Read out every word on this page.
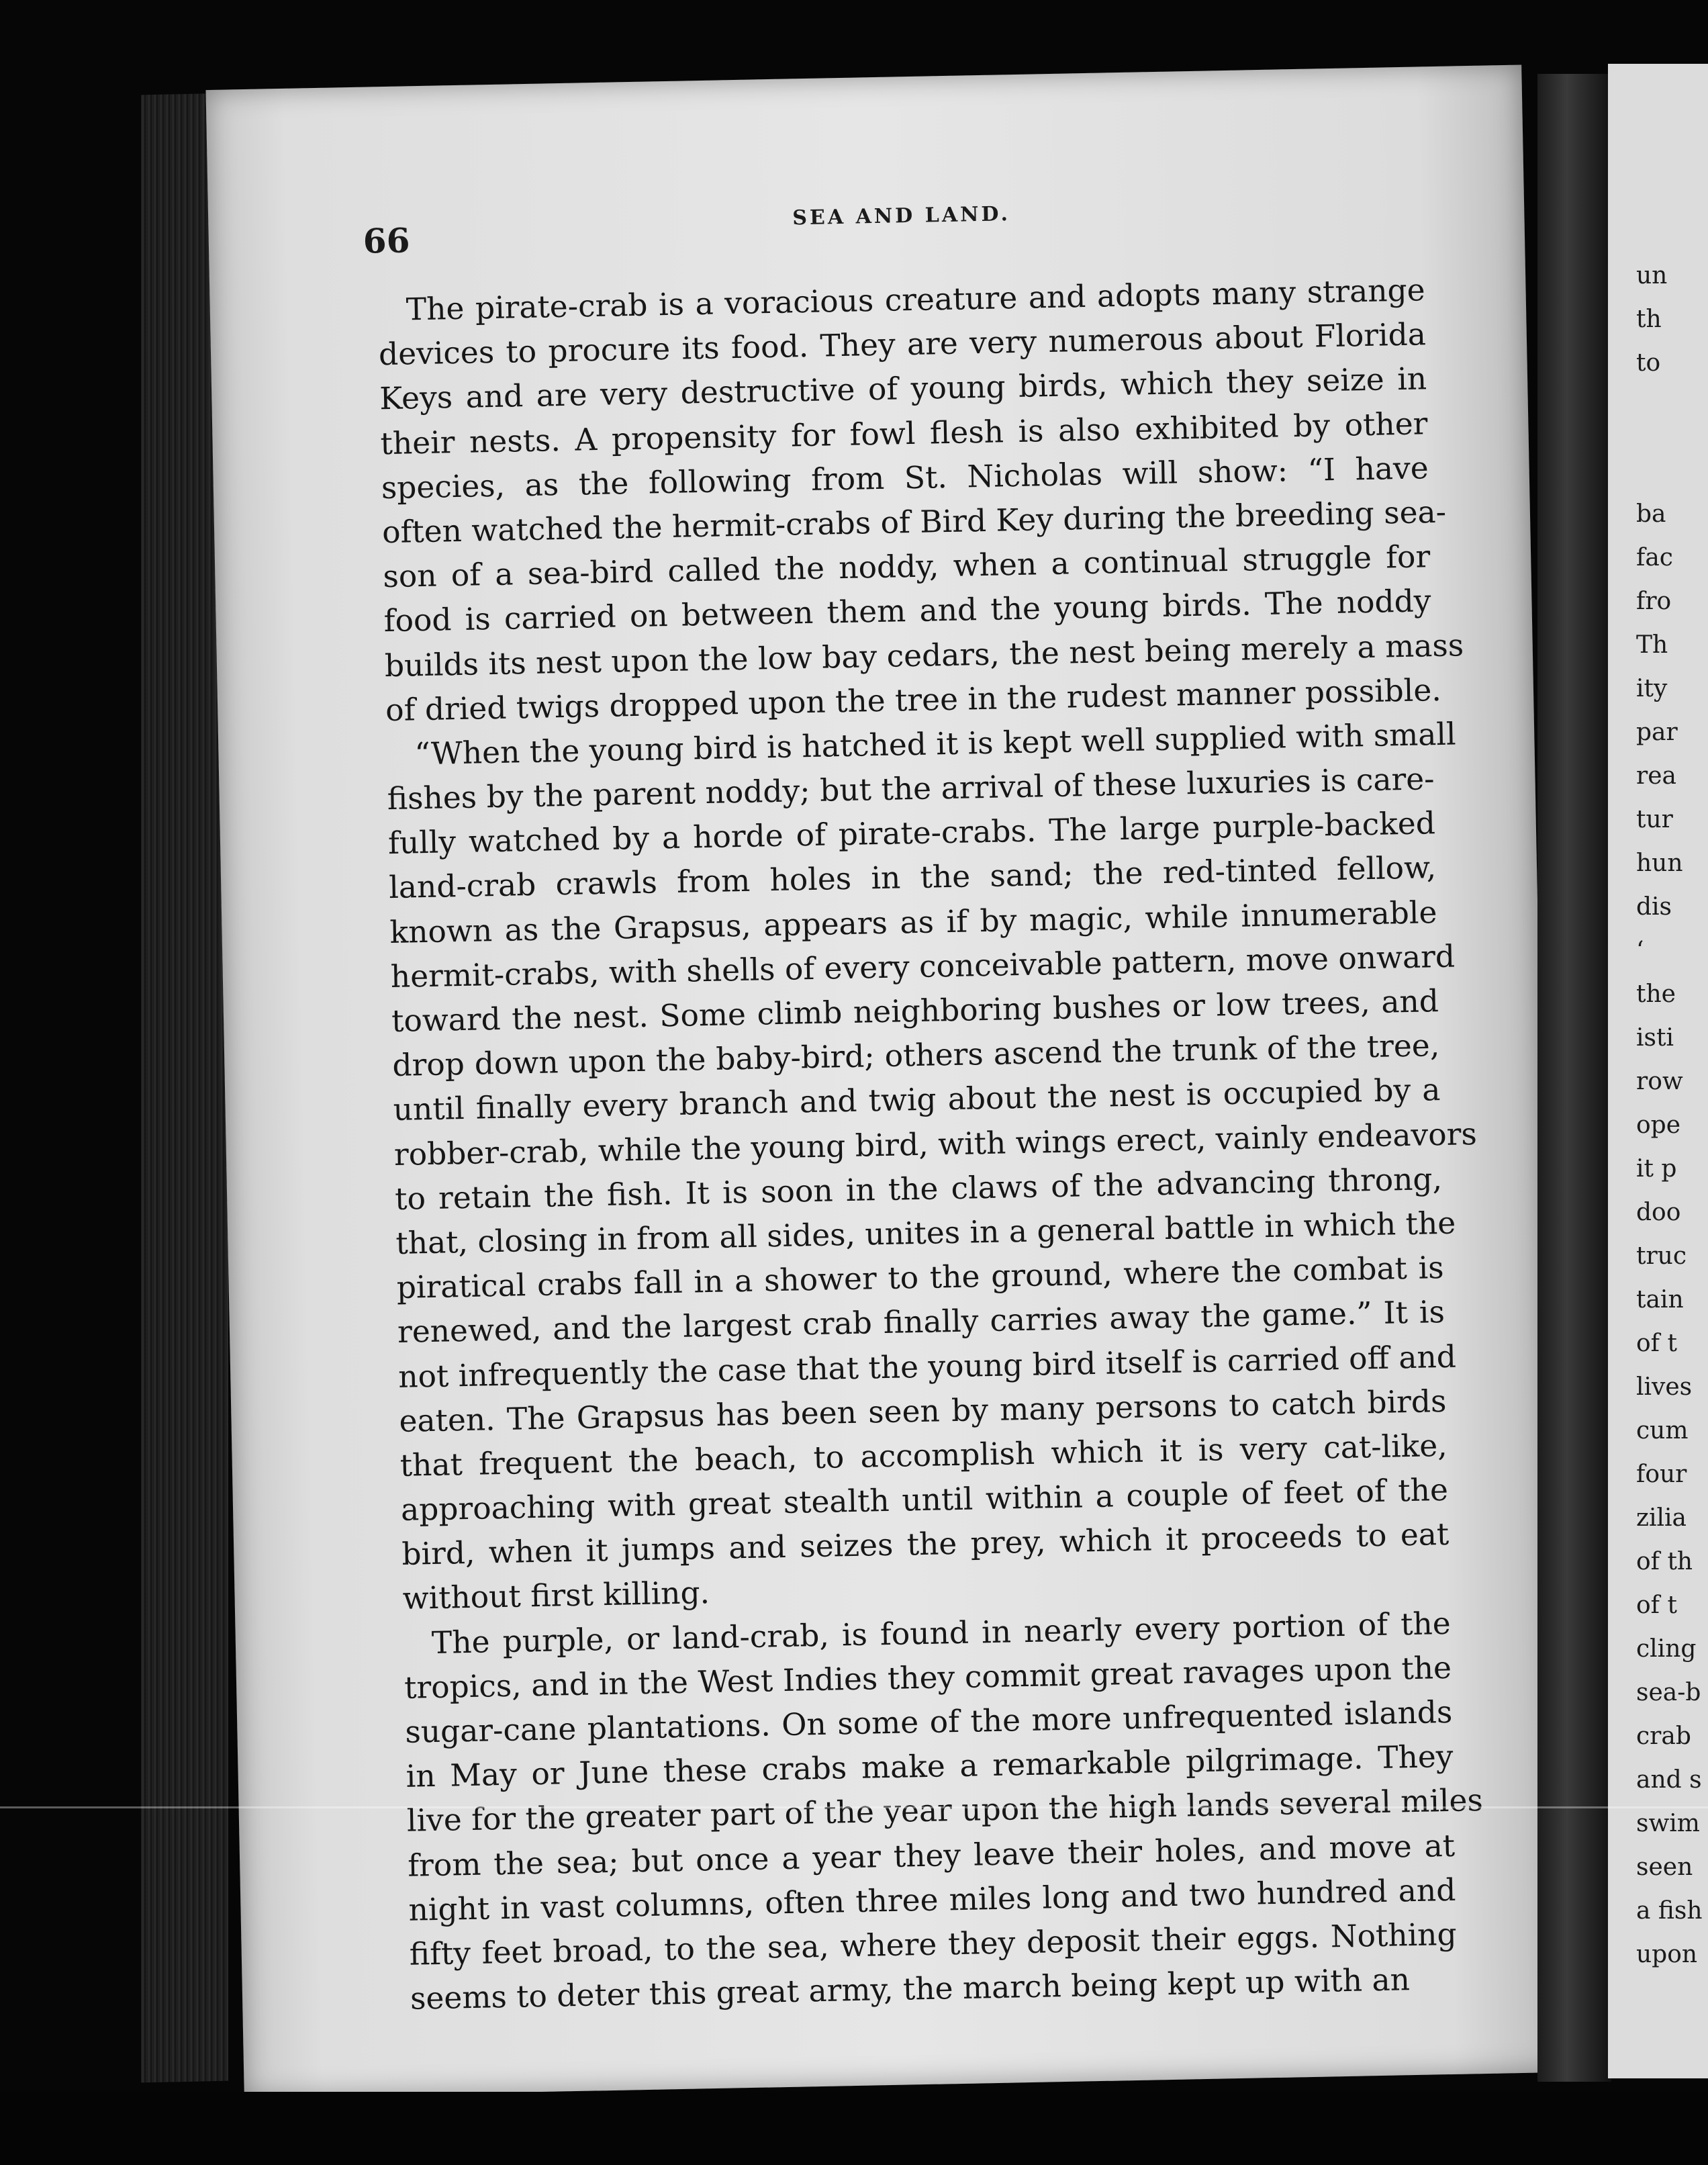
66
SEA AND LAND.
The pirate-crab is a voracious creature and adopts many strange
devices to procure its food. They are very numerous about Florida
Keys and are very destructive of young birds, which they seize in
their nests. A propensity for fowl flesh is also exhibited by other
species, as the following from St. Nicholas will show: “I have
often watched the hermit-crabs of Bird Key during the breeding sea-
son of a sea-bird called the noddy, when a continual struggle for
food is carried on between them and the young birds. The noddy
builds its nest upon the low bay cedars, the nest being merely a mass
of dried twigs dropped upon the tree in the rudest manner possible.
“When the young bird is hatched it is kept well supplied with small
fishes by the parent noddy; but the arrival of these luxuries is care-
fully watched by a horde of pirate-crabs. The large purple-backed
land-crab crawls from holes in the sand; the red-tinted fellow,
known as the Grapsus, appears as if by magic, while innumerable
hermit-crabs, with shells of every conceivable pattern, move onward
toward the nest. Some climb neighboring bushes or low trees, and
drop down upon the baby-bird; others ascend the trunk of the tree,
until finally every branch and twig about the nest is occupied by a
robber-crab, while the young bird, with wings erect, vainly endeavors
to retain the fish. It is soon in the claws of the advancing throng,
that, closing in from all sides, unites in a general battle in which the
piratical crabs fall in a shower to the ground, where the combat is
renewed, and the largest crab finally carries away the game.” It is
not infrequently the case that the young bird itself is carried off and
eaten. The Grapsus has been seen by many persons to catch birds
that frequent the beach, to accomplish which it is very cat-like,
approaching with great stealth until within a couple of feet of the
bird, when it jumps and seizes the prey, which it proceeds to eat
without first killing.
The purple, or land-crab, is found in nearly every portion of the
tropics, and in the West Indies they commit great ravages upon the
sugar-cane plantations. On some of the more unfrequented islands
in May or June these crabs make a remarkable pilgrimage. They
live for the greater part of the year upon the high lands several miles
from the sea; but once a year they leave their holes, and move at
night in vast columns, often three miles long and two hundred and
fifty feet broad, to the sea, where they deposit their eggs. Nothing
seems to deter this great army, the march being kept up with an
un
th
to
ba
fac
fro
Th
ity
par
rea
tur
hun
dis
‘
the
isti
row
ope
it p
doo
truc
tain
of t
lives
cum
four
zilia
of th
of t
cling
sea-b
crab
and s
swim
seen
a fish
upon
